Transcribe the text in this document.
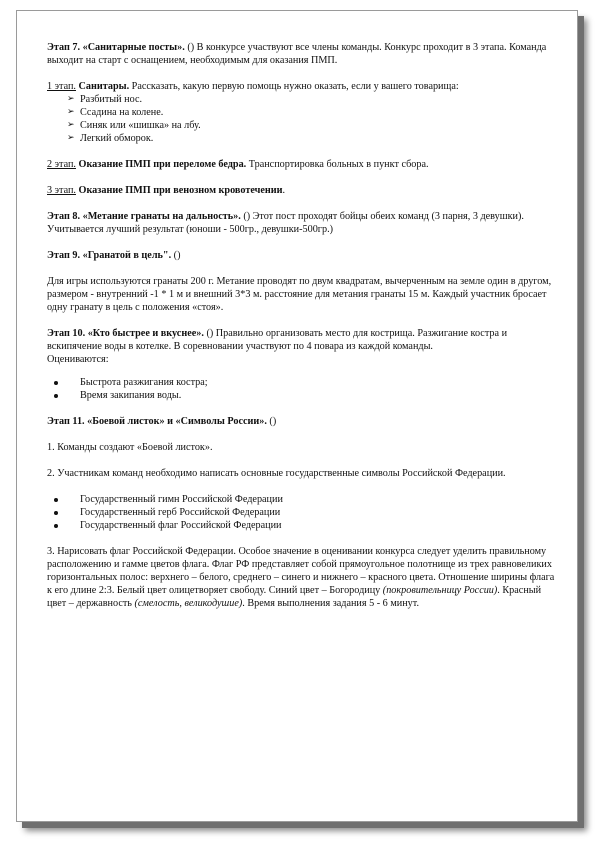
Этап 7. «Санитарные посты». () В конкурсе участвуют все члены команды. Конкурс проходит в 3 этапа. Команда выходит на старт с оснащением, необходимым для оказания ПМП.

1 этап. Санитары. Рассказать, какую первую помощь нужно оказать, если у вашего товарища:

➢ Разбитый нос.
➢ Ссадина на колене.
➢ Синяк или «шишка» на лбу.
➢ Легкий обморок.

2 этап. Оказание ПМП при переломе бедра. Транспортировка больных в пункт сбора.

3 этап. Оказание ПМП при венозном кровотечении.

Этап 8. «Метание гранаты на дальность». () Этот пост проходят бойцы обеих команд (3 парня, 3 девушки). Учитывается лучший результат (юноши - 500гр., девушки-500гр.)

Этап 9. «Гранатой в цель". ()

Для игры используются гранаты 200 г. Метание проводят по двум квадратам, вычерченным на земле один в другом, размером - внутренний -1 * 1 м и внешний 3*3 м. расстояние для метания гранаты 15 м. Каждый участник бросает одну гранату в цель с положения «стоя».

Этап 10. «Кто быстрее и вкуснее». () Правильно организовать место для кострища. Разжигание костра и вскипячение воды в котелке. В соревновании участвуют по 4 повара из каждой команды.

Оцениваются:

Быстрота разжигания костра;
Время закипания воды.

Этап 11. «Боевой листок» и «Символы России». ()

1. Команды создают «Боевой листок».

2. Участникам команд необходимо написать основные государственные символы Российской Федерации.

Государственный гимн Российской Федерации
Государственный герб Российской Федерации
Государственный флаг Российской Федерации

3. Нарисовать флаг Российской Федерации. Особое значение в оценивании конкурса следует уделить правильному расположению и гамме цветов флага. Флаг РФ представляет собой прямоугольное полотнище из трех равновеликих горизонтальных полос: верхнего – белого, среднего – синего и нижнего – красного цвета. Отношение ширины флага к его длине 2:3. Белый цвет олицетворяет свободу. Синий цвет – Богородицу (покровительницу России). Красный цвет – державность (смелость, великодушие). Время выполнения задания 5 - 6 минут.
